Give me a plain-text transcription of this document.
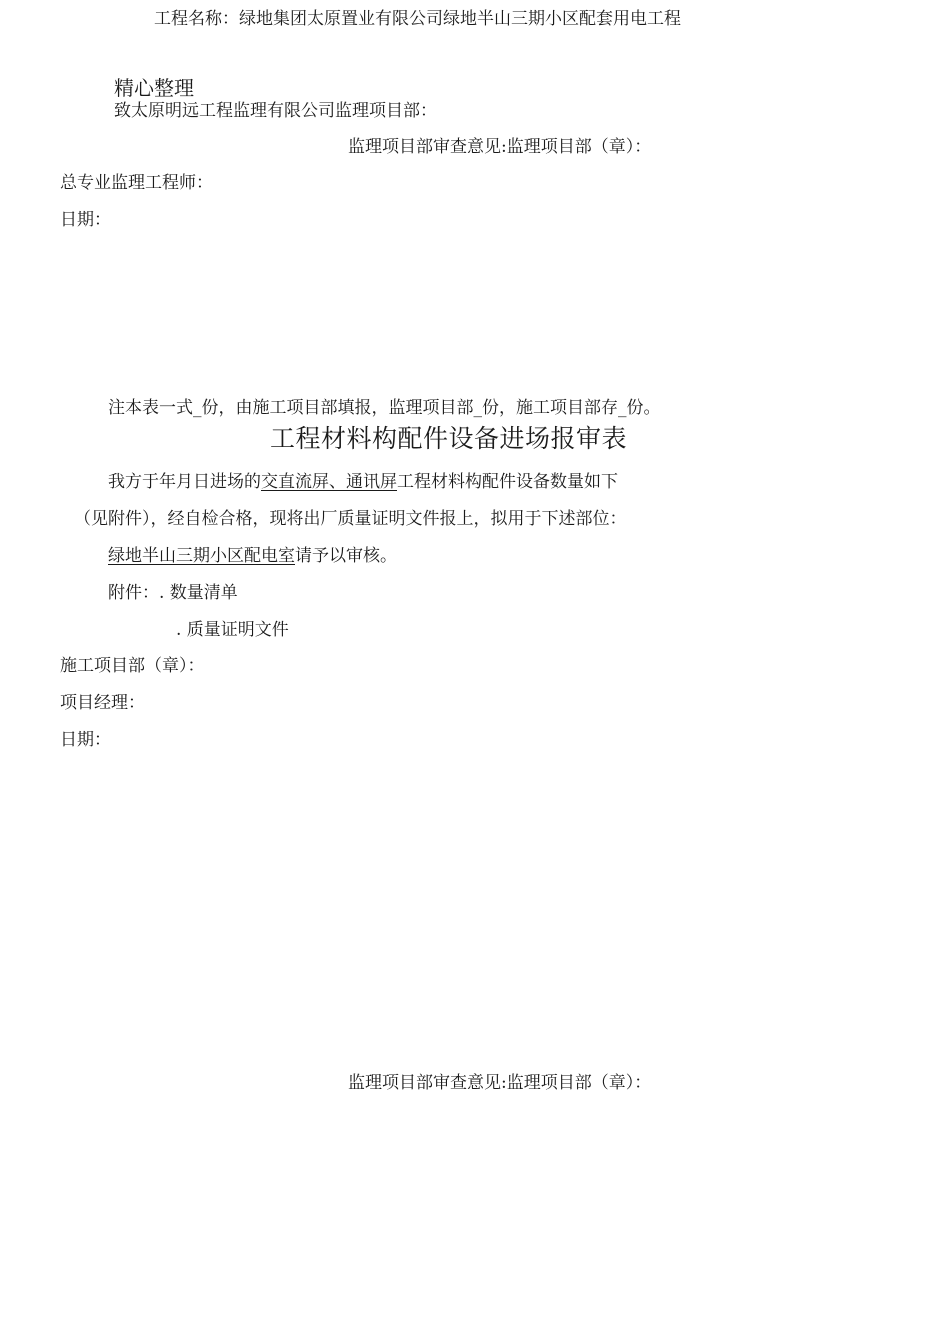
工程名称：绿地集团太原置业有限公司绿地半山三期小区配套用电工程
精心整理
致太原明远工程监理有限公司监理项目部：
监理项目部审查意见:监理项目部（章）：
总专业监理工程师：
日期：
注本表一式_份，由施工项目部填报，监理项目部_份，施工项目部存_份。
工程材料构配件设备进场报审表
我方于年月日进场的交直流屏、通讯屏工程材料构配件设备数量如下
（见附件），经自检合格，现将出厂质量证明文件报上，拟用于下述部位：
绿地半山三期小区配电室请予以审核。
附件：. 数量清单
. 质量证明文件
施工项目部（章）：
项目经理：
日期：
监理项目部审查意见:监理项目部（章）：
